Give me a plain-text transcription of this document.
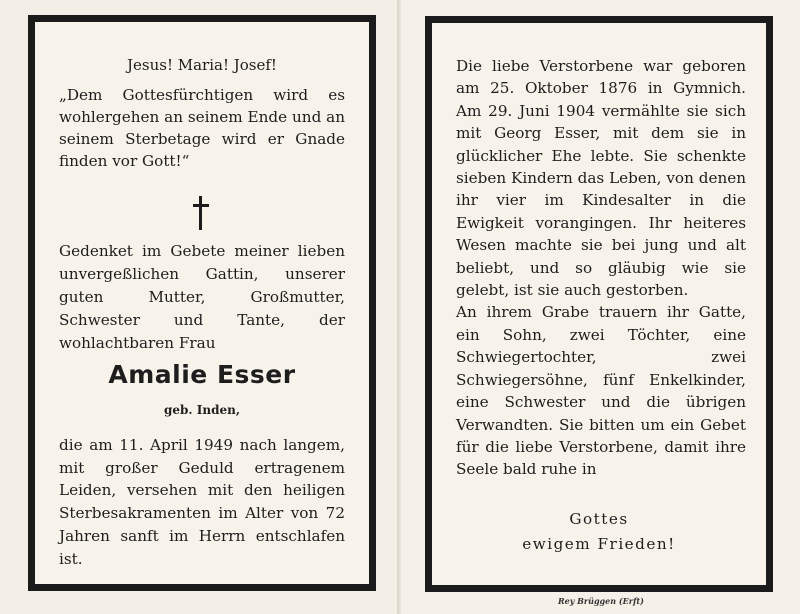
Jesus! Maria! Josef!
„Dem Gottesfürchtigen wird es wohlergehen an seinem Ende und an seinem Sterbetage wird er Gnade finden vor Gott!“
Gedenket im Gebete meiner lieben unvergeßlichen Gattin, unserer guten Mutter, Großmutter, Schwester und Tante, der wohlachtbaren Frau
Amalie Esser
geb. Inden,
die am 11. April 1949 nach langem, mit großer Geduld ertragenem Leiden, versehen mit den heiligen Sterbesakramenten im Alter von 72 Jahren sanft im Herrn entschlafen ist.
Die liebe Verstorbene war geboren am 25. Oktober 1876 in Gymnich. Am 29. Juni 1904 vermählte sie sich mit Georg Esser, mit dem sie in glücklicher Ehe lebte. Sie schenkte sieben Kindern das Leben, von denen ihr vier im Kindesalter in die Ewigkeit vorangingen. Ihr heiteres Wesen machte sie bei jung und alt beliebt, und so gläubig wie sie gelebt, ist sie auch gestorben.
An ihrem Grabe trauern ihr Gatte, ein Sohn, zwei Töchter, eine Schwiegertochter, zwei Schwiegersöhne, fünf Enkelkinder, eine Schwester und die übrigen Verwandten. Sie bitten um ein Gebet für die liebe Verstorbene, damit ihre Seele bald ruhe in
Gottes
ewigem Frieden!
Rey Brüggen (Erft)
